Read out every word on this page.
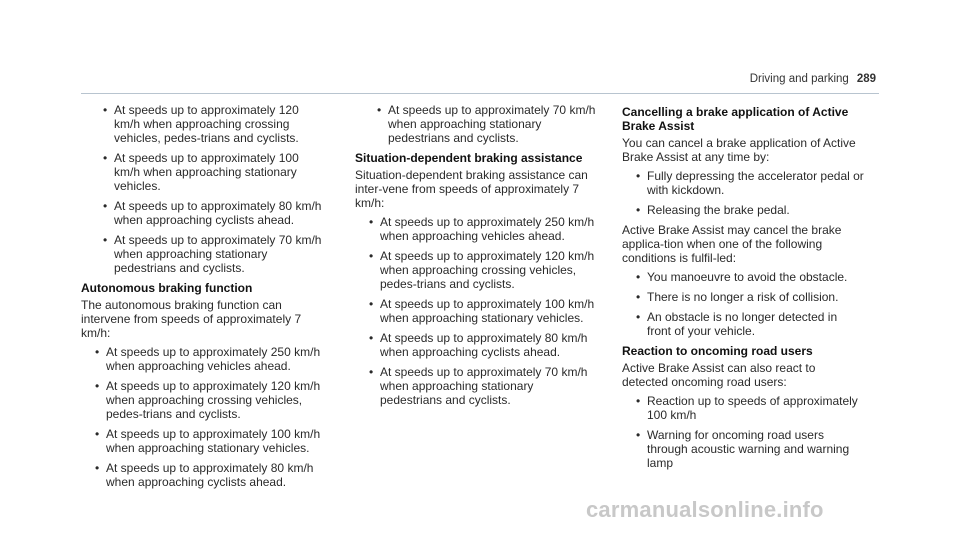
Driving and parking 289
• At speeds up to approximately 120 km/h when approaching crossing vehicles, pedes-trians and cyclists.
• At speeds up to approximately 100 km/h when approaching stationary vehicles.
• At speeds up to approximately 80 km/h when approaching cyclists ahead.
• At speeds up to approximately 70 km/h when approaching stationary pedestrians and cyclists.
Autonomous braking function

The autonomous braking function can intervene from speeds of approximately 7 km/h:

• At speeds up to approximately 250 km/h when approaching vehicles ahead.
• At speeds up to approximately 120 km/h when approaching crossing vehicles, pedes-trians and cyclists.
• At speeds up to approximately 100 km/h when approaching stationary vehicles.
• At speeds up to approximately 80 km/h when approaching cyclists ahead.
• At speeds up to approximately 70 km/h when approaching stationary pedestrians and cyclists.
Situation-dependent braking assistance

Situation-dependent braking assistance can inter-vene from speeds of approximately 7 km/h:

• At speeds up to approximately 250 km/h when approaching vehicles ahead.
• At speeds up to approximately 120 km/h when approaching crossing vehicles, pedes-trians and cyclists.
• At speeds up to approximately 100 km/h when approaching stationary vehicles.
• At speeds up to approximately 80 km/h when approaching cyclists ahead.
• At speeds up to approximately 70 km/h when approaching stationary pedestrians and cyclists.
Cancelling a brake application of Active Brake Assist

You can cancel a brake application of Active Brake Assist at any time by:

• Fully depressing the accelerator pedal or with kickdown.
• Releasing the brake pedal.

Active Brake Assist may cancel the brake applica-tion when one of the following conditions is fulfil-led:

• You manoeuvre to avoid the obstacle.
• There is no longer a risk of collision.
• An obstacle is no longer detected in front of your vehicle.
Reaction to oncoming road users

Active Brake Assist can also react to detected oncoming road users:

• Reaction up to speeds of approximately 100 km/h
• Warning for oncoming road users through acoustic warning and warning lamp
carmanualsonline.info
